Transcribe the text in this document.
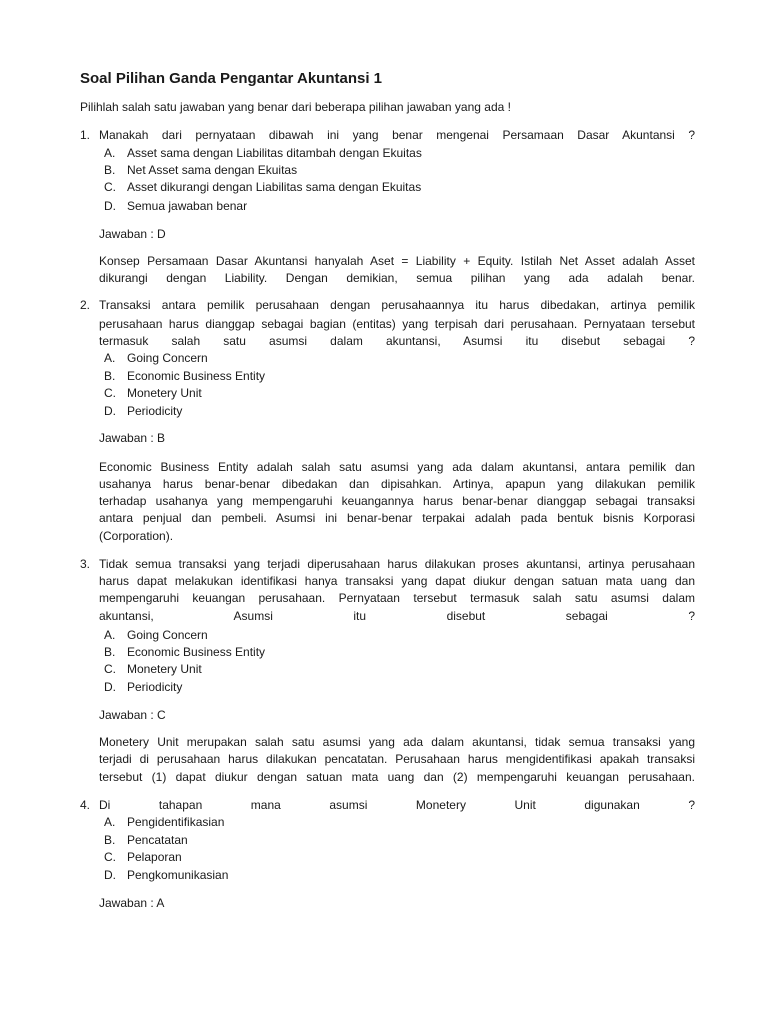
Soal Pilihan Ganda Pengantar Akuntansi 1
Pilihlah salah satu jawaban yang benar dari beberapa pilihan jawaban yang ada !
1. Manakah dari pernyataan dibawah ini yang benar mengenai Persamaan Dasar Akuntansi ?
A. Asset sama dengan Liabilitas ditambah dengan Ekuitas
B. Net Asset sama dengan Ekuitas
C. Asset dikurangi dengan Liabilitas sama dengan Ekuitas
D. Semua jawaban benar
Jawaban : D
Konsep Persamaan Dasar Akuntansi hanyalah Aset = Liability + Equity. Istilah Net Asset adalah Asset
dikurangi dengan Liability. Dengan demikian, semua pilihan yang ada adalah benar.
2. Transaksi antara pemilik perusahaan dengan perusahaannya itu harus dibedakan, artinya pemilik
perusahaan harus dianggap sebagai bagian (entitas) yang terpisah dari perusahaan. Pernyataan tersebut
termasuk salah satu asumsi dalam akuntansi, Asumsi itu disebut sebagai ?
A. Going Concern
B. Economic Business Entity
C. Monetery Unit
D. Periodicity
Jawaban : B
Economic Business Entity adalah salah satu asumsi yang ada dalam akuntansi, antara pemilik dan
usahanya harus benar-benar dibedakan dan dipisahkan. Artinya, apapun yang dilakukan pemilik
terhadap usahanya yang mempengaruhi keuangannya harus benar-benar dianggap sebagai transaksi
antara penjual dan pembeli. Asumsi ini benar-benar terpakai adalah pada bentuk bisnis Korporasi
(Corporation).
3. Tidak semua transaksi yang terjadi diperusahaan harus dilakukan proses akuntansi, artinya perusahaan
harus dapat melakukan identifikasi hanya transaksi yang dapat diukur dengan satuan mata uang dan
mempengaruhi keuangan perusahaan. Pernyataan tersebut termasuk salah satu asumsi dalam
akuntansi, Asumsi itu disebut sebagai ?
A. Going Concern
B. Economic Business Entity
C. Monetery Unit
D. Periodicity
Jawaban : C
Monetery Unit merupakan salah satu asumsi yang ada dalam akuntansi, tidak semua transaksi yang
terjadi di perusahaan harus dilakukan pencatatan. Perusahaan harus mengidentifikasi apakah transaksi
tersebut (1) dapat diukur dengan satuan mata uang dan (2) mempengaruhi keuangan perusahaan.
4. Di tahapan mana asumsi Monetery Unit digunakan ?
A. Pengidentifikasian
B. Pencatatan
C. Pelaporan
D. Pengkomunikasian
Jawaban : A
